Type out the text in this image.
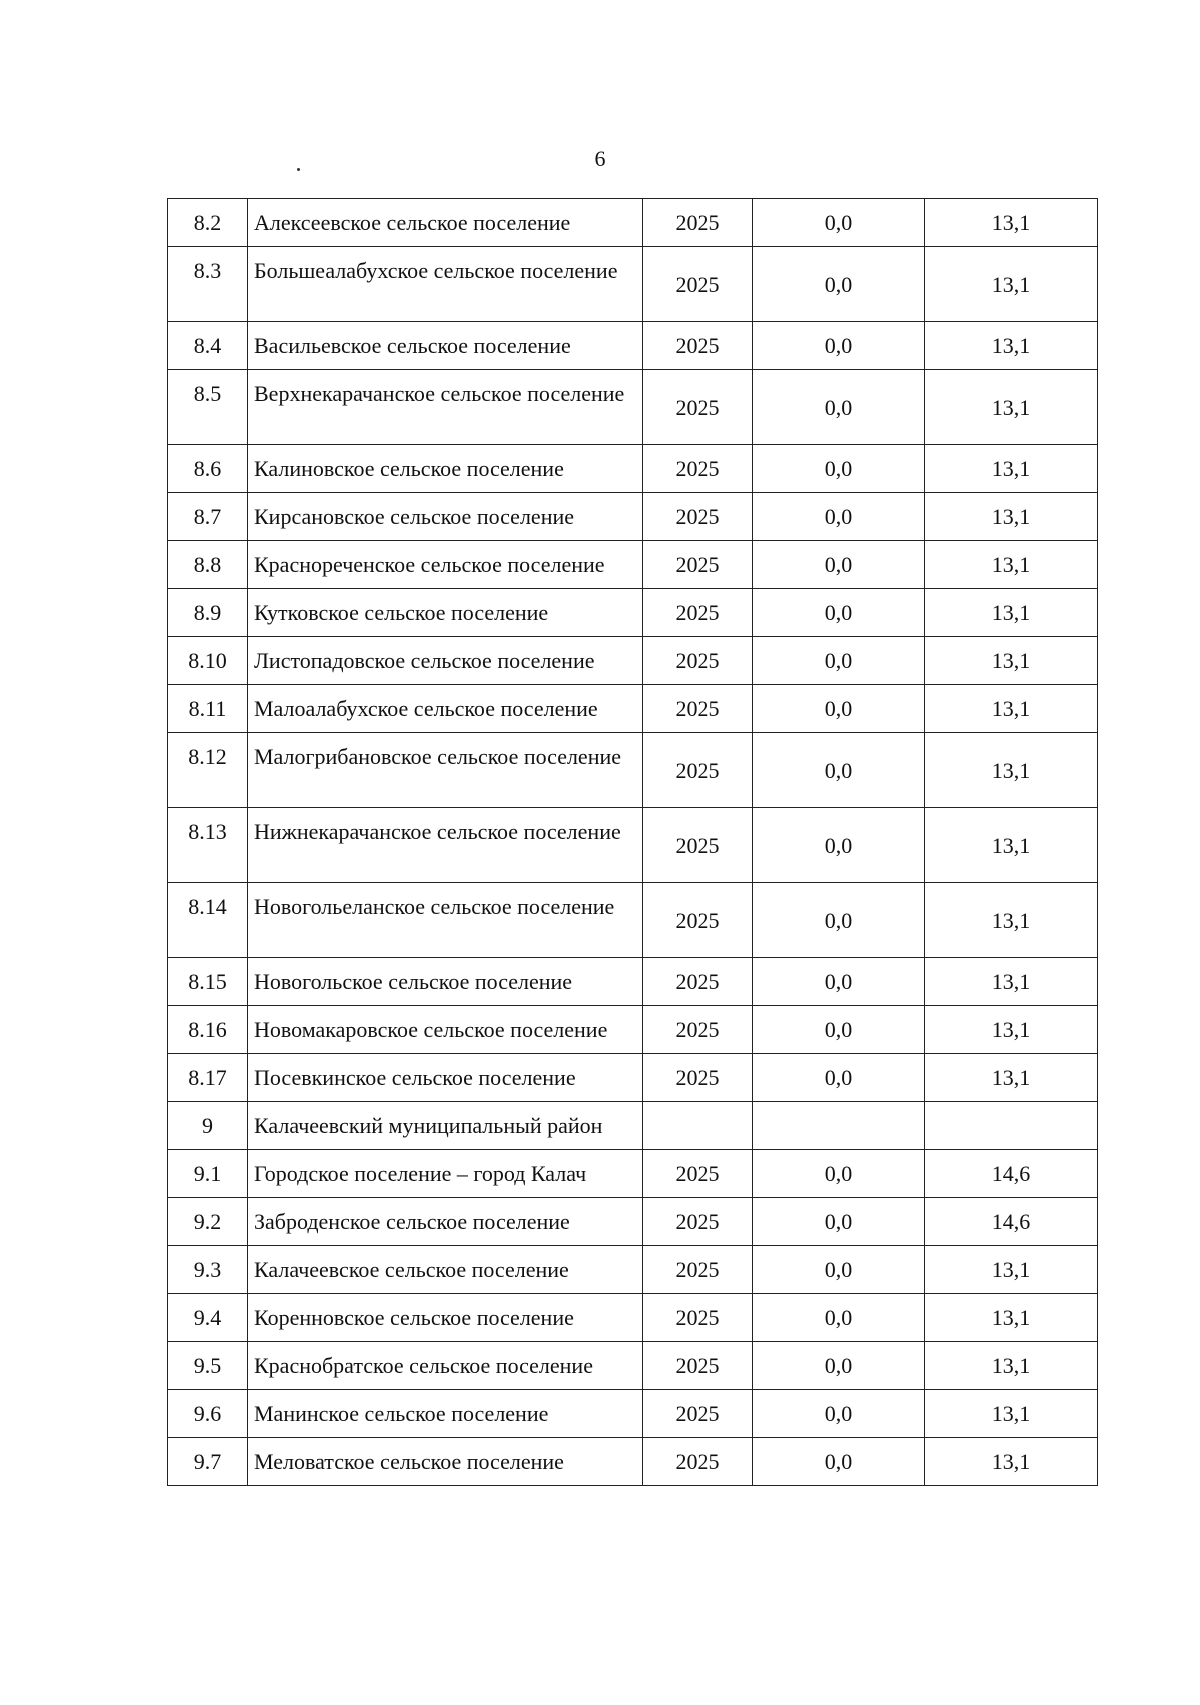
6
8.2	Алексеевское сельское поселение	2025	0,0	13,1
8.3	Большеалабухское сельское поселение	2025	0,0	13,1
8.4	Васильевское сельское поселение	2025	0,0	13,1
8.5	Верхнекарачанское сельское поселение	2025	0,0	13,1
8.6	Калиновское сельское поселение	2025	0,0	13,1
8.7	Кирсановское сельское поселение	2025	0,0	13,1
8.8	Краснореченское сельское поселение	2025	0,0	13,1
8.9	Кутковское сельское поселение	2025	0,0	13,1
8.10	Листопадовское сельское поселение	2025	0,0	13,1
8.11	Малоалабухское сельское поселение	2025	0,0	13,1
8.12	Малогрибановское сельское поселение	2025	0,0	13,1
8.13	Нижнекарачанское сельское поселение	2025	0,0	13,1
8.14	Новогольеланское сельское поселение	2025	0,0	13,1
8.15	Новогольское сельское поселение	2025	0,0	13,1
8.16	Новомакаровское сельское поселение	2025	0,0	13,1
8.17	Посевкинское сельское поселение	2025	0,0	13,1
9	Калачеевский муниципальный район			
9.1	Городское поселение – город Калач	2025	0,0	14,6
9.2	Заброденское сельское поселение	2025	0,0	14,6
9.3	Калачеевское сельское поселение	2025	0,0	13,1
9.4	Коренновское сельское поселение	2025	0,0	13,1
9.5	Краснобратское сельское поселение	2025	0,0	13,1
9.6	Манинское сельское поселение	2025	0,0	13,1
9.7	Меловатское сельское поселение	2025	0,0	13,1
